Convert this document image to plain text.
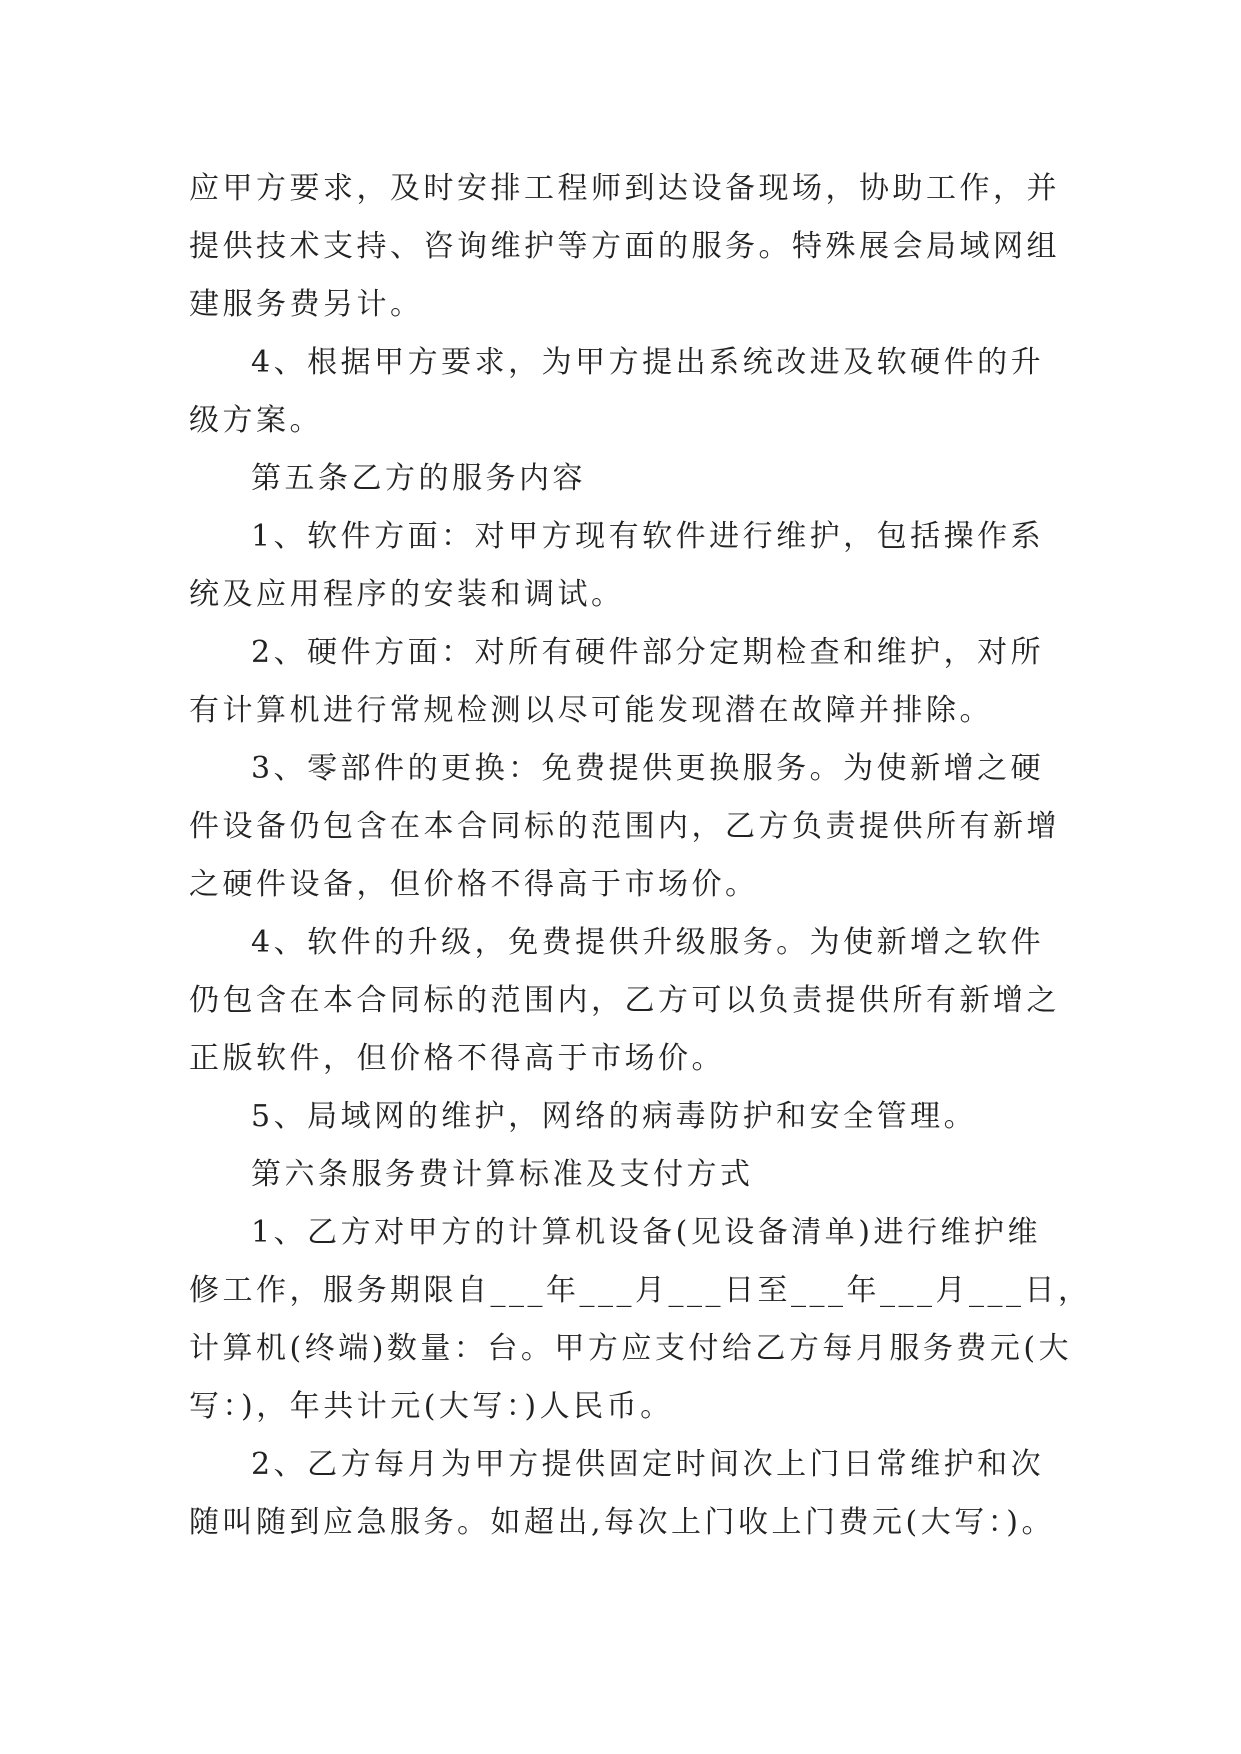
应甲方要求，及时安排工程师到达设备现场，协助工作，并
提供技术支持、咨询维护等方面的服务。特殊展会局域网组
建服务费另计。
4、根据甲方要求，为甲方提出系统改进及软硬件的升
级方案。
第五条乙方的服务内容
1、软件方面：对甲方现有软件进行维护，包括操作系
统及应用程序的安装和调试。
2、硬件方面：对所有硬件部分定期检查和维护，对所
有计算机进行常规检测以尽可能发现潜在故障并排除。
3、零部件的更换：免费提供更换服务。为使新增之硬
件设备仍包含在本合同标的范围内，乙方负责提供所有新增
之硬件设备，但价格不得高于市场价。
4、软件的升级，免费提供升级服务。为使新增之软件
仍包含在本合同标的范围内，乙方可以负责提供所有新增之
正版软件，但价格不得高于市场价。
5、局域网的维护，网络的病毒防护和安全管理。
第六条服务费计算标准及支付方式
1、乙方对甲方的计算机设备(见设备清单)进行维护维
修工作，服务期限自___年___月___日至___年___月___日，
计算机(终端)数量：台。甲方应支付给乙方每月服务费元(大
写：)，年共计元(大写：)人民币。
2、乙方每月为甲方提供固定时间次上门日常维护和次
随叫随到应急服务。如超出,每次上门收上门费元(大写：)。
